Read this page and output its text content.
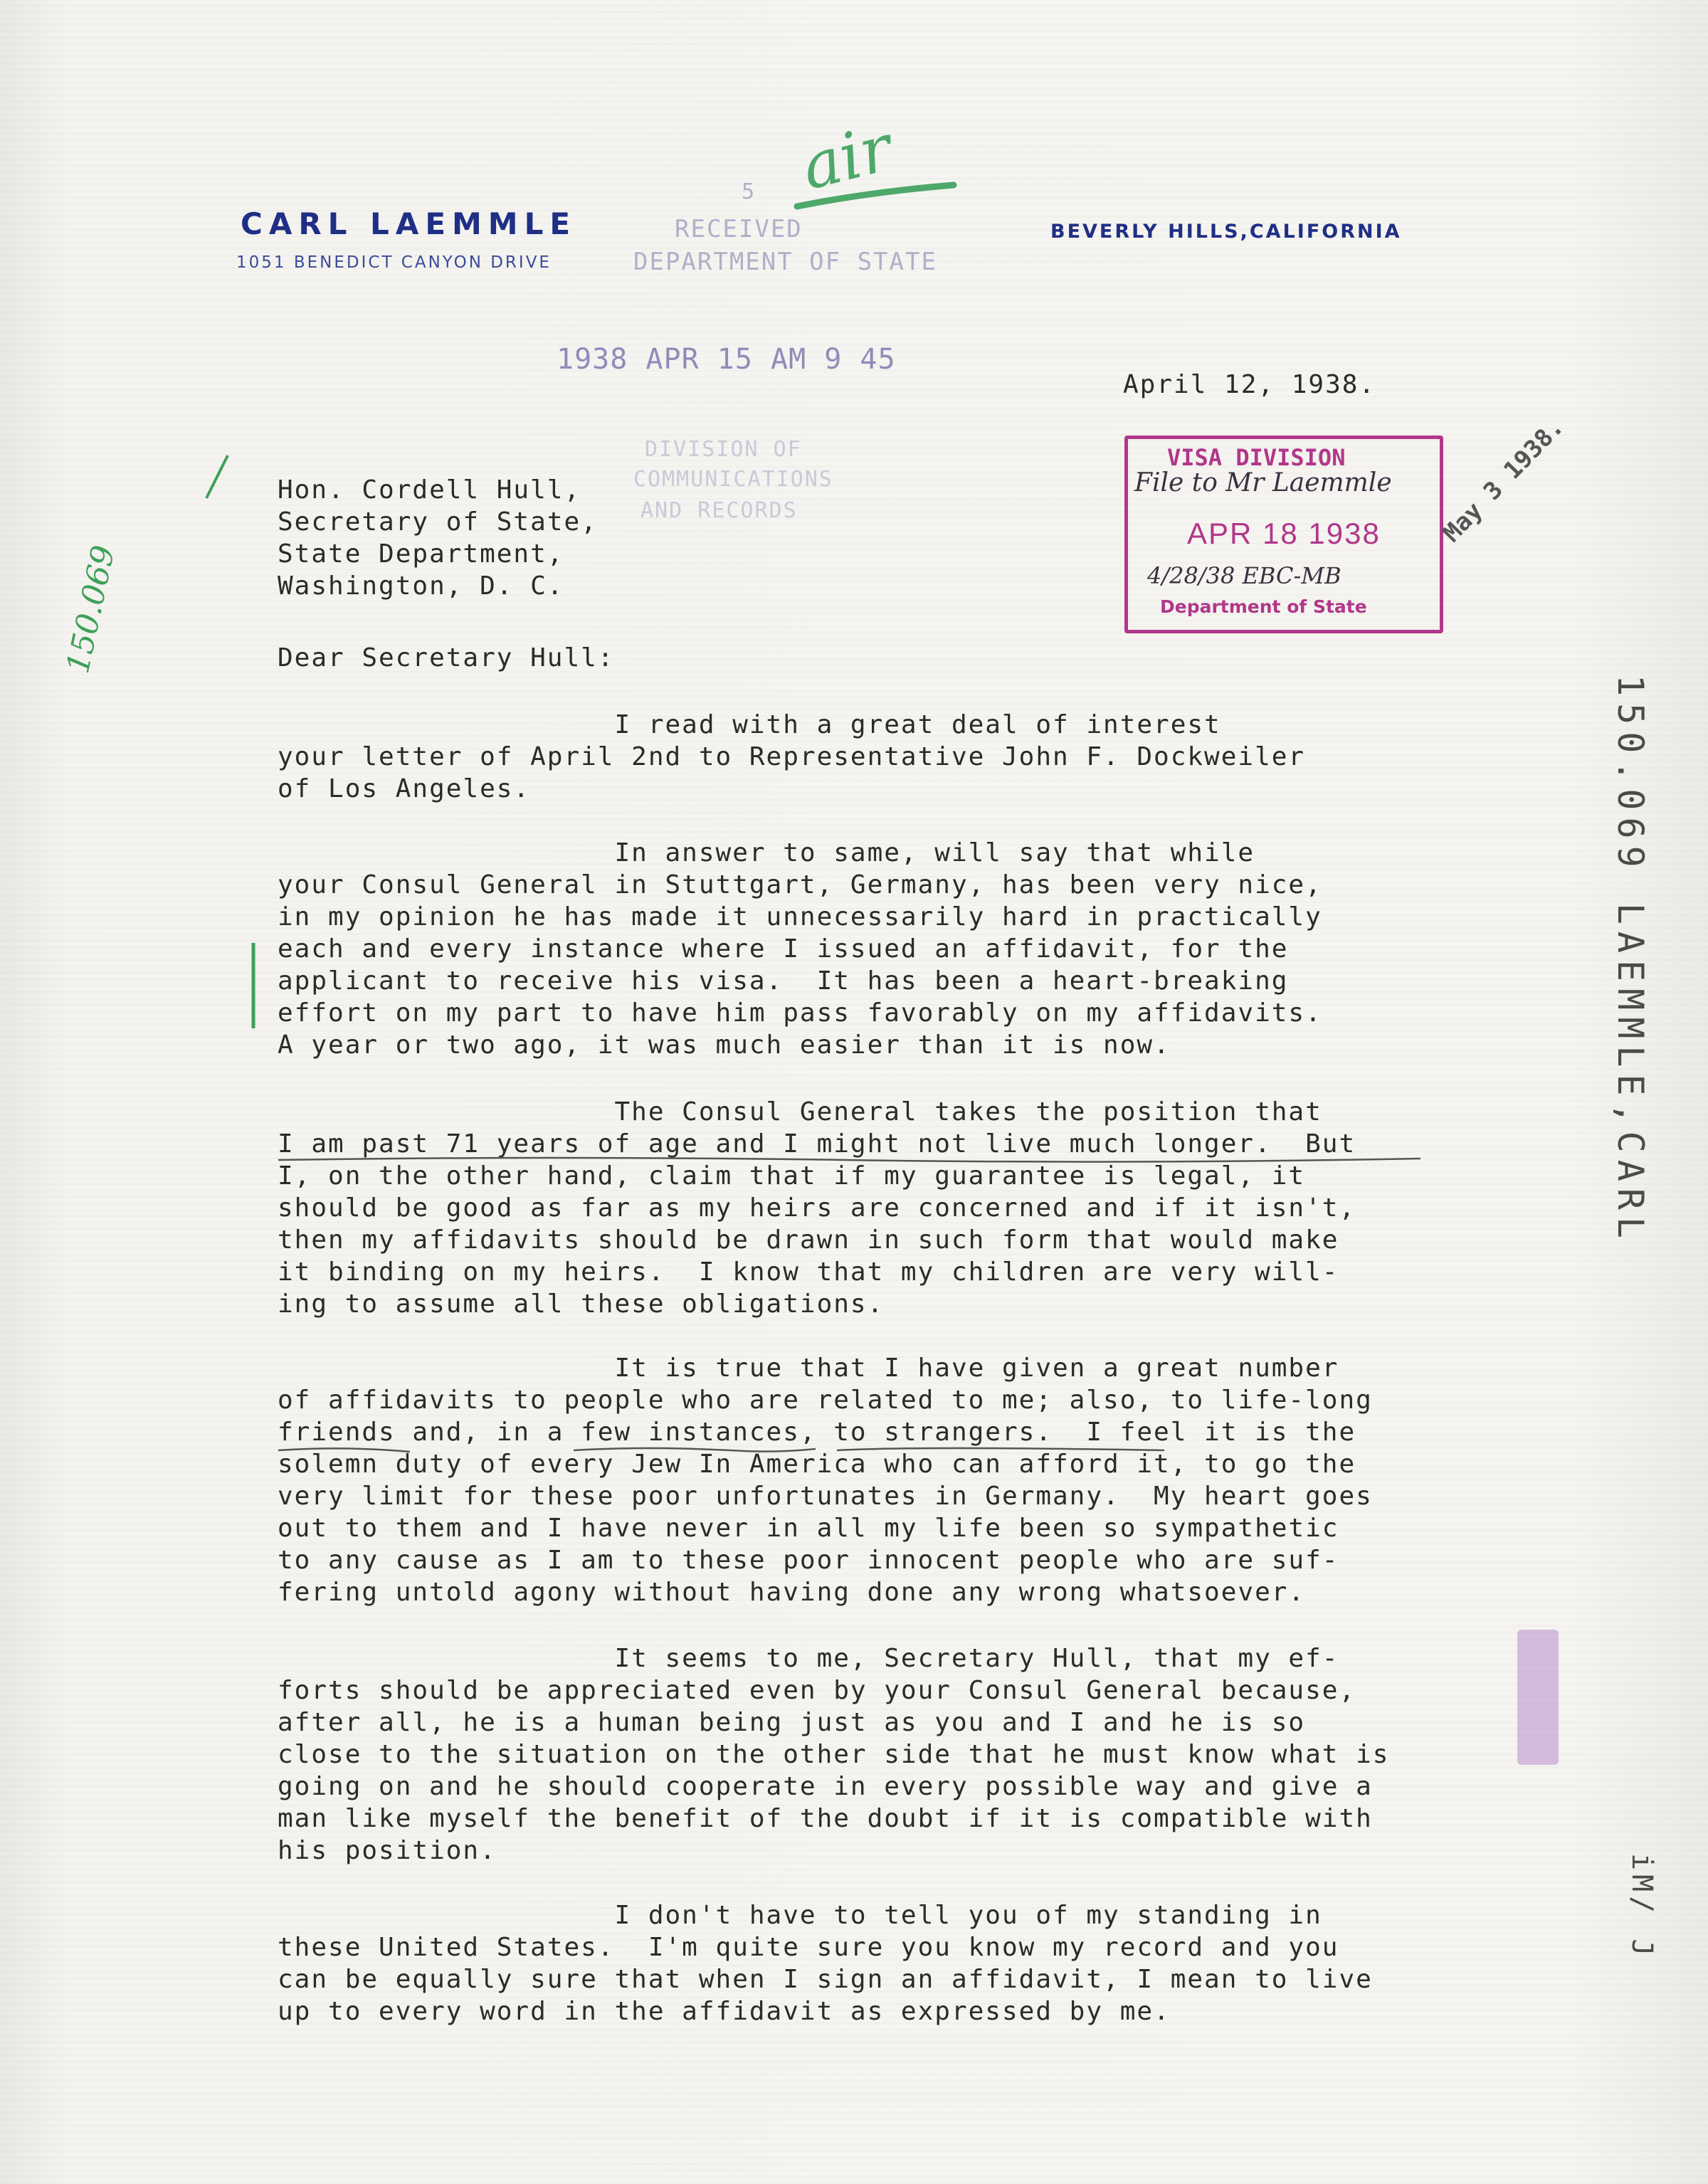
CARL LAEMMLE
1051 BENEDICT CANYON DRIVE
BEVERLY HILLS,CALIFORNIA
air
5
RECEIVED
DEPARTMENT OF STATE
1938 APR 15 AM 9 45
DIVISION OF
COMMUNICATIONS
AND RECORDS
150.069
April 12, 1938.
VISA DIVISION
File to Mr Laemmle
APR 18 1938
4/28/38 EBC-MB
Department of State
May 3 1938.
Hon. Cordell Hull,
Secretary of State,
State Department,
Washington, D. C.
Dear Secretary Hull:
I read with a great deal of interest
your letter of April 2nd to Representative John F. Dockweiler
of Los Angeles.
In answer to same, will say that while
your Consul General in Stuttgart, Germany, has been very nice,
in my opinion he has made it unnecessarily hard in practically
each and every instance where I issued an affidavit, for the
applicant to receive his visa.  It has been a heart-breaking
effort on my part to have him pass favorably on my affidavits.
A year or two ago, it was much easier than it is now.
The Consul General takes the position that
I am past 71 years of age and I might not live much longer.  But
I, on the other hand, claim that if my guarantee is legal, it
should be good as far as my heirs are concerned and if it isn't,
then my affidavits should be drawn in such form that would make
it binding on my heirs.  I know that my children are very will-
ing to assume all these obligations.
It is true that I have given a great number
of affidavits to people who are related to me; also, to life-long
friends and, in a few instances, to strangers.  I feel it is the
solemn duty of every Jew In America who can afford it, to go the
very limit for these poor unfortunates in Germany.  My heart goes
out to them and I have never in all my life been so sympathetic
to any cause as I am to these poor innocent people who are suf-
fering untold agony without having done any wrong whatsoever.
It seems to me, Secretary Hull, that my ef-
forts should be appreciated even by your Consul General because,
after all, he is a human being just as you and I and he is so
close to the situation on the other side that he must know what is
going on and he should cooperate in every possible way and give a
man like myself the benefit of the doubt if it is compatible with
his position.
I don't have to tell you of my standing in
these United States.  I'm quite sure you know my record and you
can be equally sure that when I sign an affidavit, I mean to live
up to every word in the affidavit as expressed by me.
150.069 LAEMMLE,CARL
iM/ J
